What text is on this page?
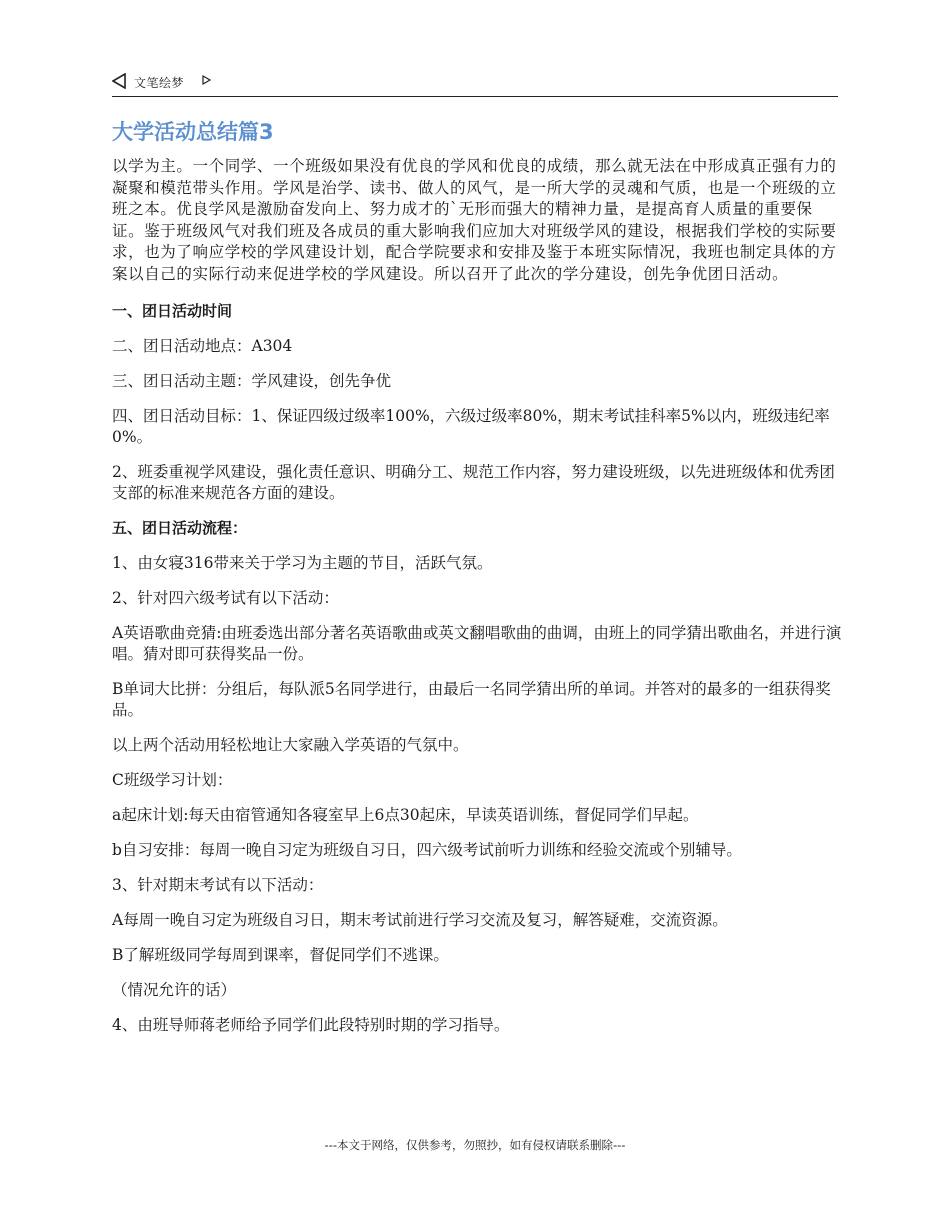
文笔绘梦
大学活动总结篇3

以学为主。一个同学、一个班级如果没有优良的学风和优良的成绩，那么就无法在中形成真正强有力的凝聚和模范带头作用。学风是治学、读书、做人的风气，是一所大学的灵魂和气质，也是一个班级的立班之本。优良学风是激励奋发向上、努力成才的`无形而强大的精神力量，是提高育人质量的重要保证。鉴于班级风气对我们班及各成员的重大影响我们应加大对班级学风的建设，根据我们学校的实际要求，也为了响应学校的学风建设计划，配合学院要求和安排及鉴于本班实际情况，我班也制定具体的方案以自己的实际行动来促进学校的学风建设。所以召开了此次的学分建设，创先争优团日活动。

一、团日活动时间

二、团日活动地点：A304

三、团日活动主题：学风建设，创先争优

四、团日活动目标：1、保证四级过级率100%，六级过级率80%，期末考试挂科率5%以内，班级违纪率0%。

2、班委重视学风建设，强化责任意识、明确分工、规范工作内容，努力建设班级，以先进班级体和优秀团支部的标准来规范各方面的建设。

五、团日活动流程：

1、由女寝316带来关于学习为主题的节目，活跃气氛。

2、针对四六级考试有以下活动：

A英语歌曲竞猜:由班委选出部分著名英语歌曲或英文翻唱歌曲的曲调，由班上的同学猜出歌曲名，并进行演唱。猜对即可获得奖品一份。

B单词大比拼：分组后，每队派5名同学进行，由最后一名同学猜出所的单词。并答对的最多的一组获得奖品。

以上两个活动用轻松地让大家融入学英语的气氛中。

C班级学习计划：

a起床计划:每天由宿管通知各寝室早上6点30起床，早读英语训练，督促同学们早起。

b自习安排：每周一晚自习定为班级自习日，四六级考试前听力训练和经验交流或个别辅导。

3、针对期末考试有以下活动：

A每周一晚自习定为班级自习日，期末考试前进行学习交流及复习，解答疑难，交流资源。

B了解班级同学每周到课率，督促同学们不逃课。

（情况允许的话）

4、由班导师蒋老师给予同学们此段特别时期的学习指导。

---本文于网络，仅供参考，勿照抄，如有侵权请联系删除---
